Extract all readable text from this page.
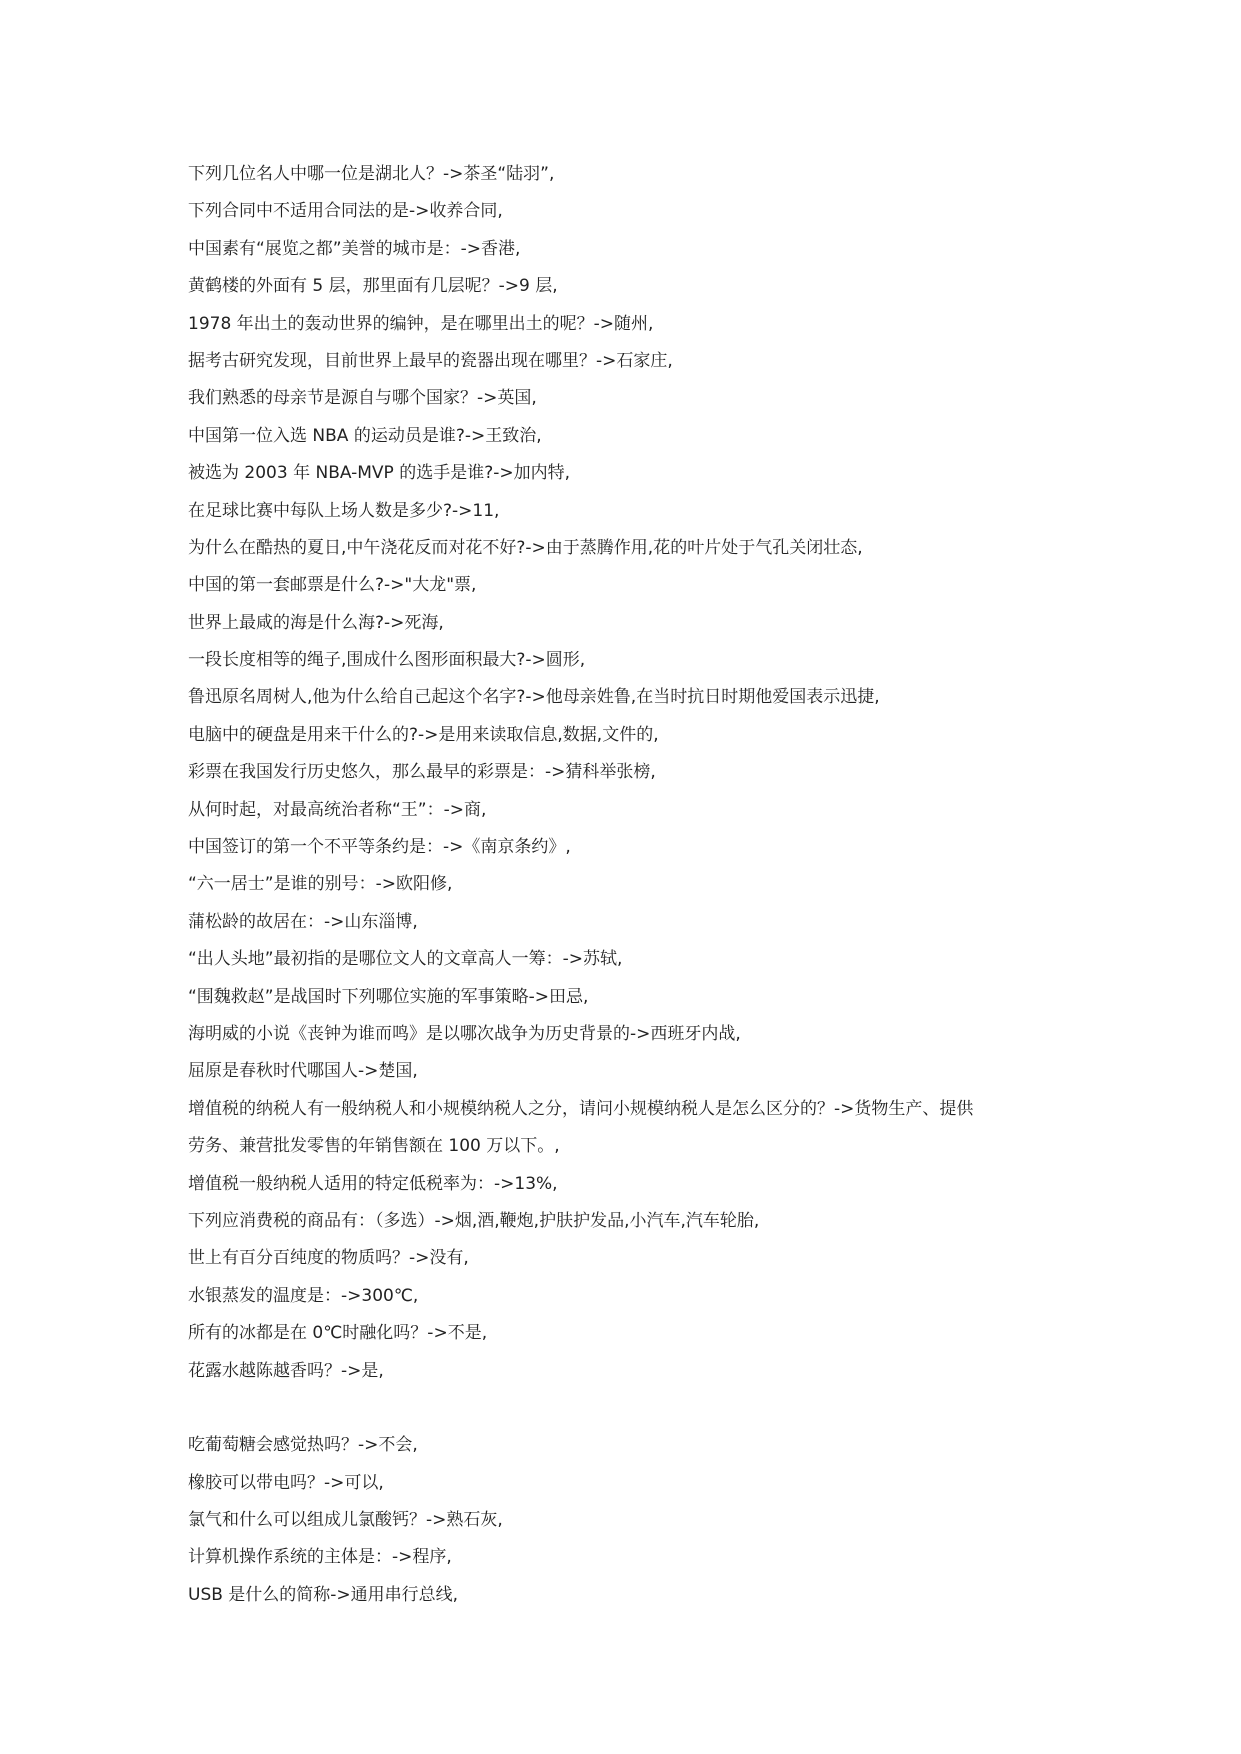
下列几位名人中哪一位是湖北人？->茶圣“陆羽”,
下列合同中不适用合同法的是->收养合同,
中国素有“展览之都”美誉的城市是：->香港,
黄鹤楼的外面有 5 层，那里面有几层呢？->9 层,
1978 年出土的轰动世界的编钟，是在哪里出土的呢？->随州,
据考古研究发现，目前世界上最早的瓷器出现在哪里？->石家庄,
我们熟悉的母亲节是源自与哪个国家？->英国,
中国第一位入选 NBA 的运动员是谁?->王致治,
被选为 2003 年 NBA-MVP 的选手是谁?->加内特,
在足球比赛中每队上场人数是多少?->11,
为什么在酷热的夏日,中午浇花反而对花不好?->由于蒸腾作用,花的叶片处于气孔关闭壮态,
中国的第一套邮票是什么?->"大龙"票,
世界上最咸的海是什么海?->死海,
一段长度相等的绳子,围成什么图形面积最大?->圆形,
鲁迅原名周树人,他为什么给自己起这个名字?->他母亲姓鲁,在当时抗日时期他爱国表示迅捷,
电脑中的硬盘是用来干什么的?->是用来读取信息,数据,文件的,
彩票在我国发行历史悠久，那么最早的彩票是：->猜科举张榜,
从何时起，对最高统治者称“王”：->商,
中国签订的第一个不平等条约是：->《南京条约》,
“六一居士”是谁的别号：->欧阳修,
蒲松龄的故居在：->山东淄博,
“出人头地”最初指的是哪位文人的文章高人一筹：->苏轼,
“围魏救赵”是战国时下列哪位实施的军事策略->田忌,
海明威的小说《丧钟为谁而鸣》是以哪次战争为历史背景的->西班牙内战,
屈原是春秋时代哪国人->楚国,
增值税的纳税人有一般纳税人和小规模纳税人之分，请问小规模纳税人是怎么区分的？->货物生产、提供
劳务、兼营批发零售的年销售额在 100 万以下。,
增值税一般纳税人适用的特定低税率为：->13%,
下列应消费税的商品有：（多选）->烟,酒,鞭炮,护肤护发品,小汽车,汽车轮胎,
世上有百分百纯度的物质吗？->没有,
水银蒸发的温度是：->300℃,
所有的冰都是在 0℃时融化吗？->不是,
花露水越陈越香吗？->是,
吃葡萄糖会感觉热吗？->不会,
橡胶可以带电吗？->可以,
氯气和什么可以组成儿氯酸钙？->熟石灰,
计算机操作系统的主体是：->程序,
USB 是什么的简称->通用串行总线,
